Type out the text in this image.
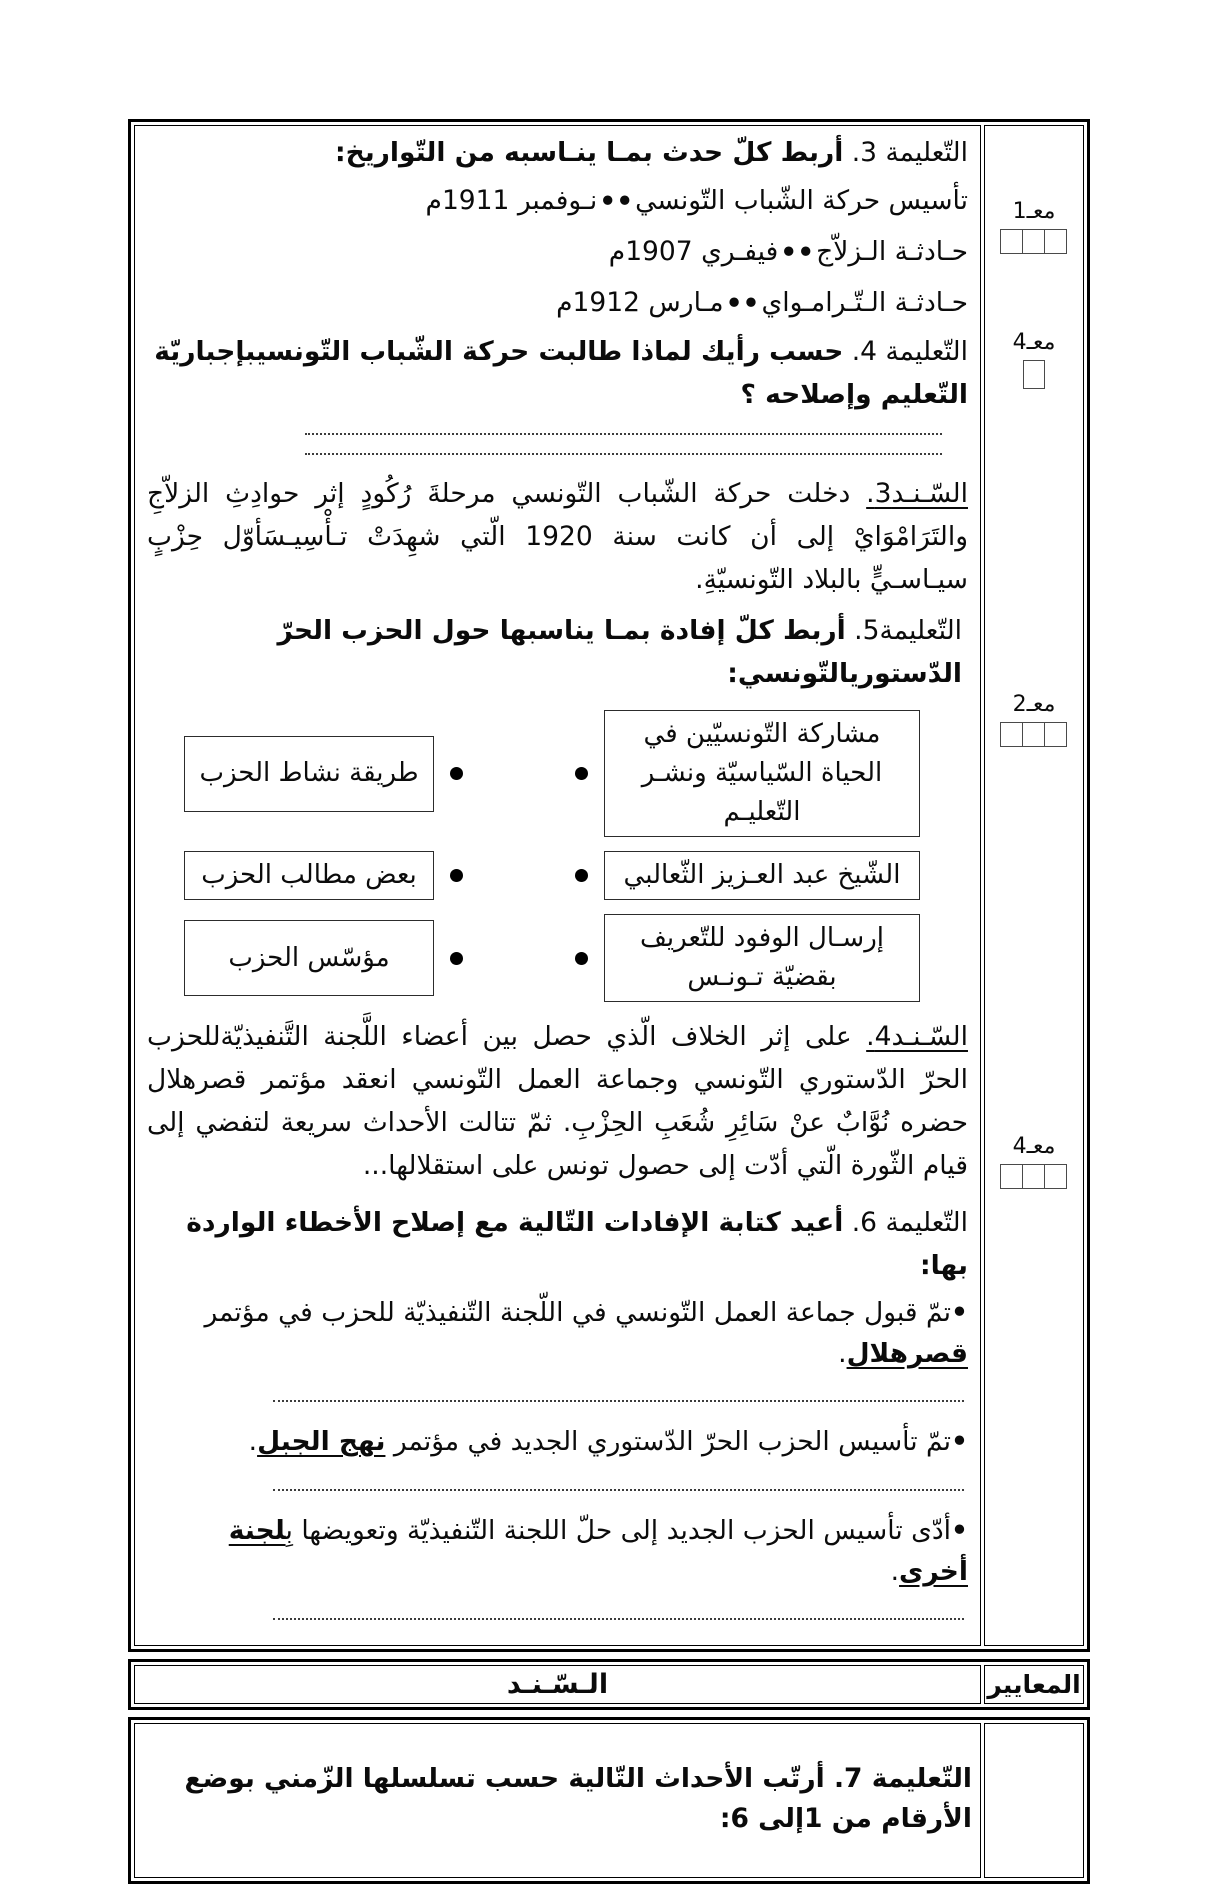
معـ1
معـ4
معـ2
معـ4

التّعليمة 3. أربط كلّ حدث بمـا ينـاسبه من التّواريخ:

تأسيس حركة الشّباب التّونسي••نـوفمبر 1911م

حـادثـة الـزلاّج••فيفـري 1907م

حـادثـة الـتّـرامـواي••مـارس 1912م

التّعليمة 4. حسب رأيك لماذا طالبت حركة الشّباب التّونسيبإجباريّة التّعليم وإصلاحه ؟

السّـنـد3. دخلت حركة الشّباب التّونسي مرحلةَ رُكُودٍ إثر حوادِثِ الزلاّجِ والتَرَامْوَايْ إلى أن كانت سنة 1920 الّتي شهِدَتْ تـأْسِيـسَأوّل حِزْبٍ سيـاسـيٍّ بالبلاد التّونسيّةِ.

التّعليمة5. أربط كلّ إفادة بمـا يناسبها حول الحزب الحرّ الدّستوريالتّونسي:

مشاركة التّونسيّين في الحياة السّياسيّة ونشـر التّعليـم
طريقة نشاط الحزب
الشّيخ عبد العـزيز الثّعالبي
بعض مطالب الحزب
إرسـال الوفود للتّعريف بقضيّة تـونـس
مؤسّس الحزب

السّـنـد4. على إثر الخلاف الّذي حصل بين أعضاء اللَّجنة التَّنفيذيّةللحزب الحرّ الدّستوري التّونسي وجماعة العمل التّونسي انعقد مؤتمر قصرهلال حضره نُوَّابٌ عنْ سَائِرِ شُعَبِ الحِزْبِ. ثمّ تتالت الأحداث سريعة لتفضي إلى قيام الثّورة الّتي أدّت إلى حصول تونس على استقلالها...

التّعليمة 6. أعيد كتابة الإفادات التّالية مع إصلاح الأخطاء الواردة بها:

•تمّ قبول جماعة العمل التّونسي في اللّجنة التّنفيذيّة للحزب في مؤتمر قصرهلال.

•تمّ تأسيس الحزب الحرّ الدّستوري الجديد في مؤتمر نهج الجبل.

•أدّى تأسيس الحزب الجديد إلى حلّ اللجنة التّنفيذيّة وتعويضها بِلجنة أخرى.

المعايير
الـسّـنـد

التّعليمة 7. أرتّب الأحداث التّالية حسب تسلسلها الزّمني بوضع الأرقام من 1إلى 6:
